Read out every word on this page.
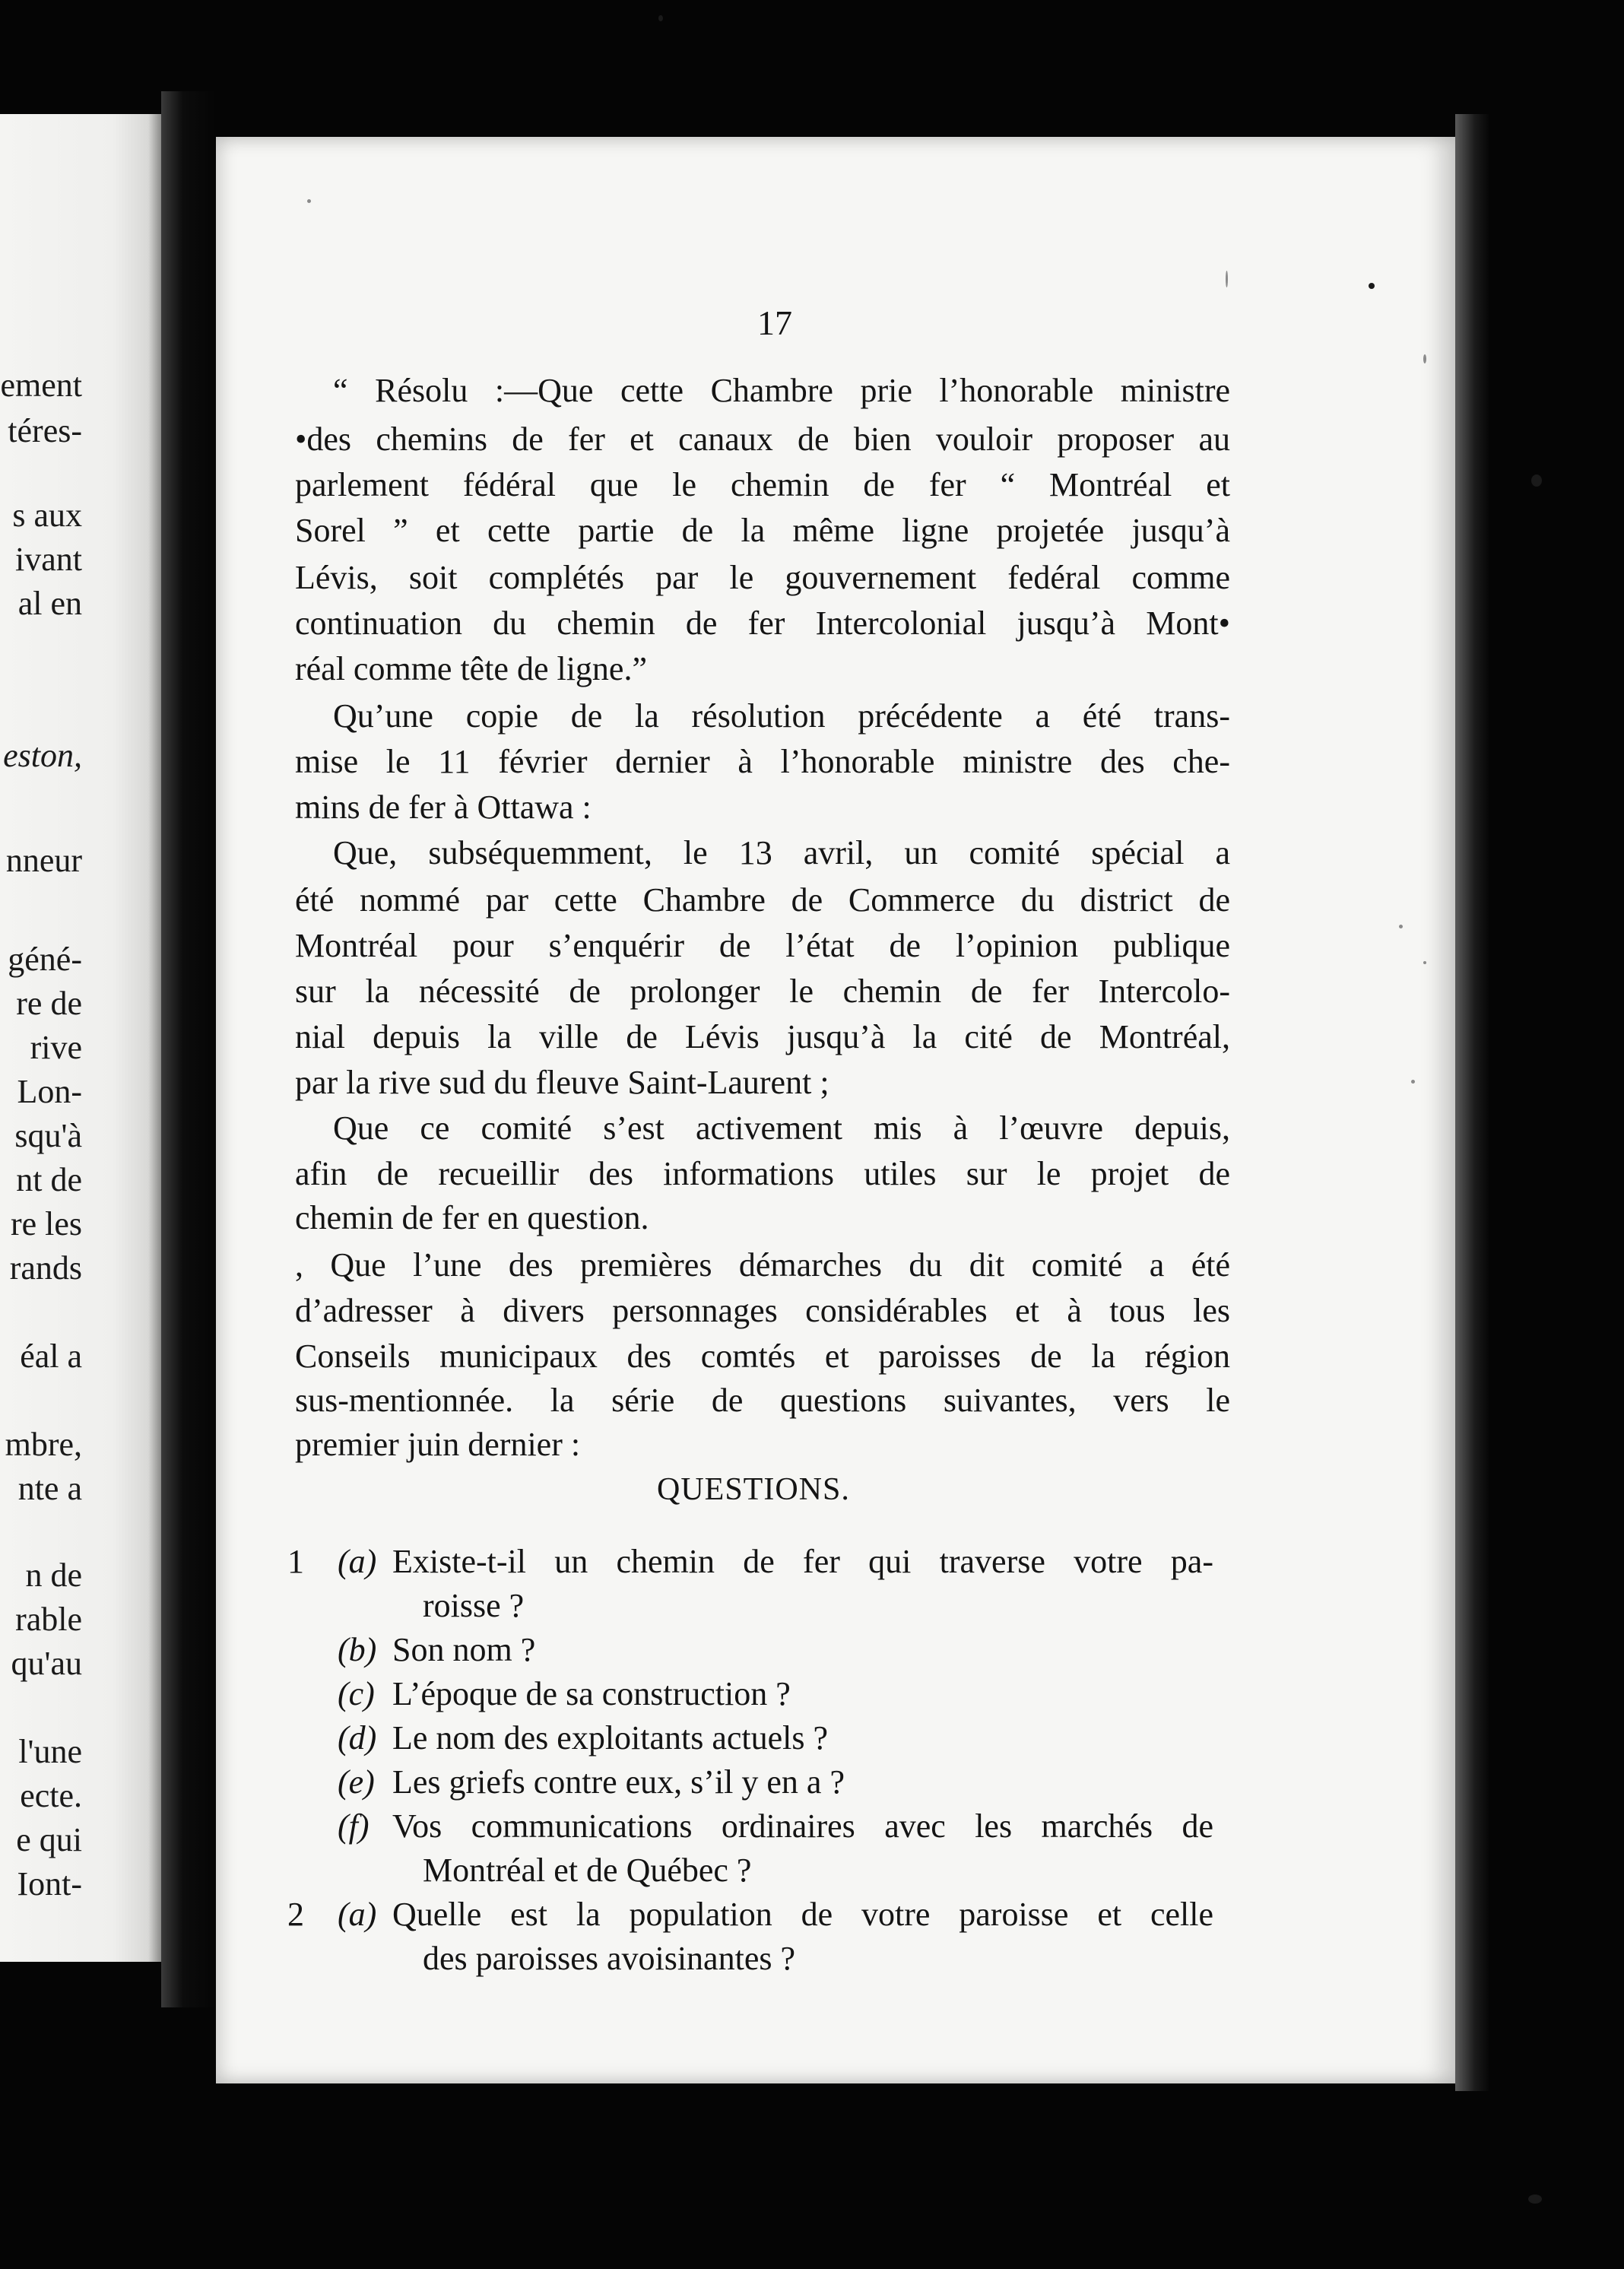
ement
téres-
s aux
ivant
al en
eston,
nneur
géné-
re de
rive
Lon-
squ'à
nt de
re les
rands
éal a
mbre,
nte a
n de
rable
qu'au
l'une
ecte.
e qui
Iont-
17
“ Résolu :—Que cette Chambre prie l’honorable ministre
•des chemins de fer et canaux de bien vouloir proposer au
parlement fédéral que le chemin de fer “ Montréal et
Sorel ” et cette partie de la même ligne projetée jusqu’à
Lévis, soit complétés par le gouvernement fedéral comme
continuation du chemin de fer Intercolonial jusqu’à Mont•
réal comme tête de ligne.”
Qu’une copie de la résolution précédente a été trans-
mise le 11 février dernier à l’honorable ministre des che-
mins de fer à Ottawa :
Que, subséquemment, le 13 avril, un comité spécial a
été nommé par cette Chambre de Commerce du district de
Montréal pour s’enquérir de l’état de l’opinion publique
sur la nécessité de prolonger le chemin de fer Intercolo-
nial depuis la ville de Lévis jusqu’à la cité de Montréal,
par la rive sud du fleuve Saint-Laurent ;
Que ce comité s’est activement mis à l’œuvre depuis,
afin de recueillir des informations utiles sur le projet de
chemin de fer en question.
, Que l’une des premières démarches du dit comité a été
d’adresser à divers personnages considérables et à tous les
Conseils municipaux des comtés et paroisses de la région
sus-mentionnée. la série de questions suivantes, vers le
premier juin dernier :
QUESTIONS.
1 (a) Existe-t-il un chemin de fer qui traverse votre pa-
roisse ?
(b) Son nom ?
(c) L’époque de sa construction ?
(d) Le nom des exploitants actuels ?
(e) Les griefs contre eux, s’il y en a ?
(f) Vos communications ordinaires avec les marchés de
Montréal et de Québec ?
2 (a) Quelle est la population de votre paroisse et celle
des paroisses avoisinantes ?
